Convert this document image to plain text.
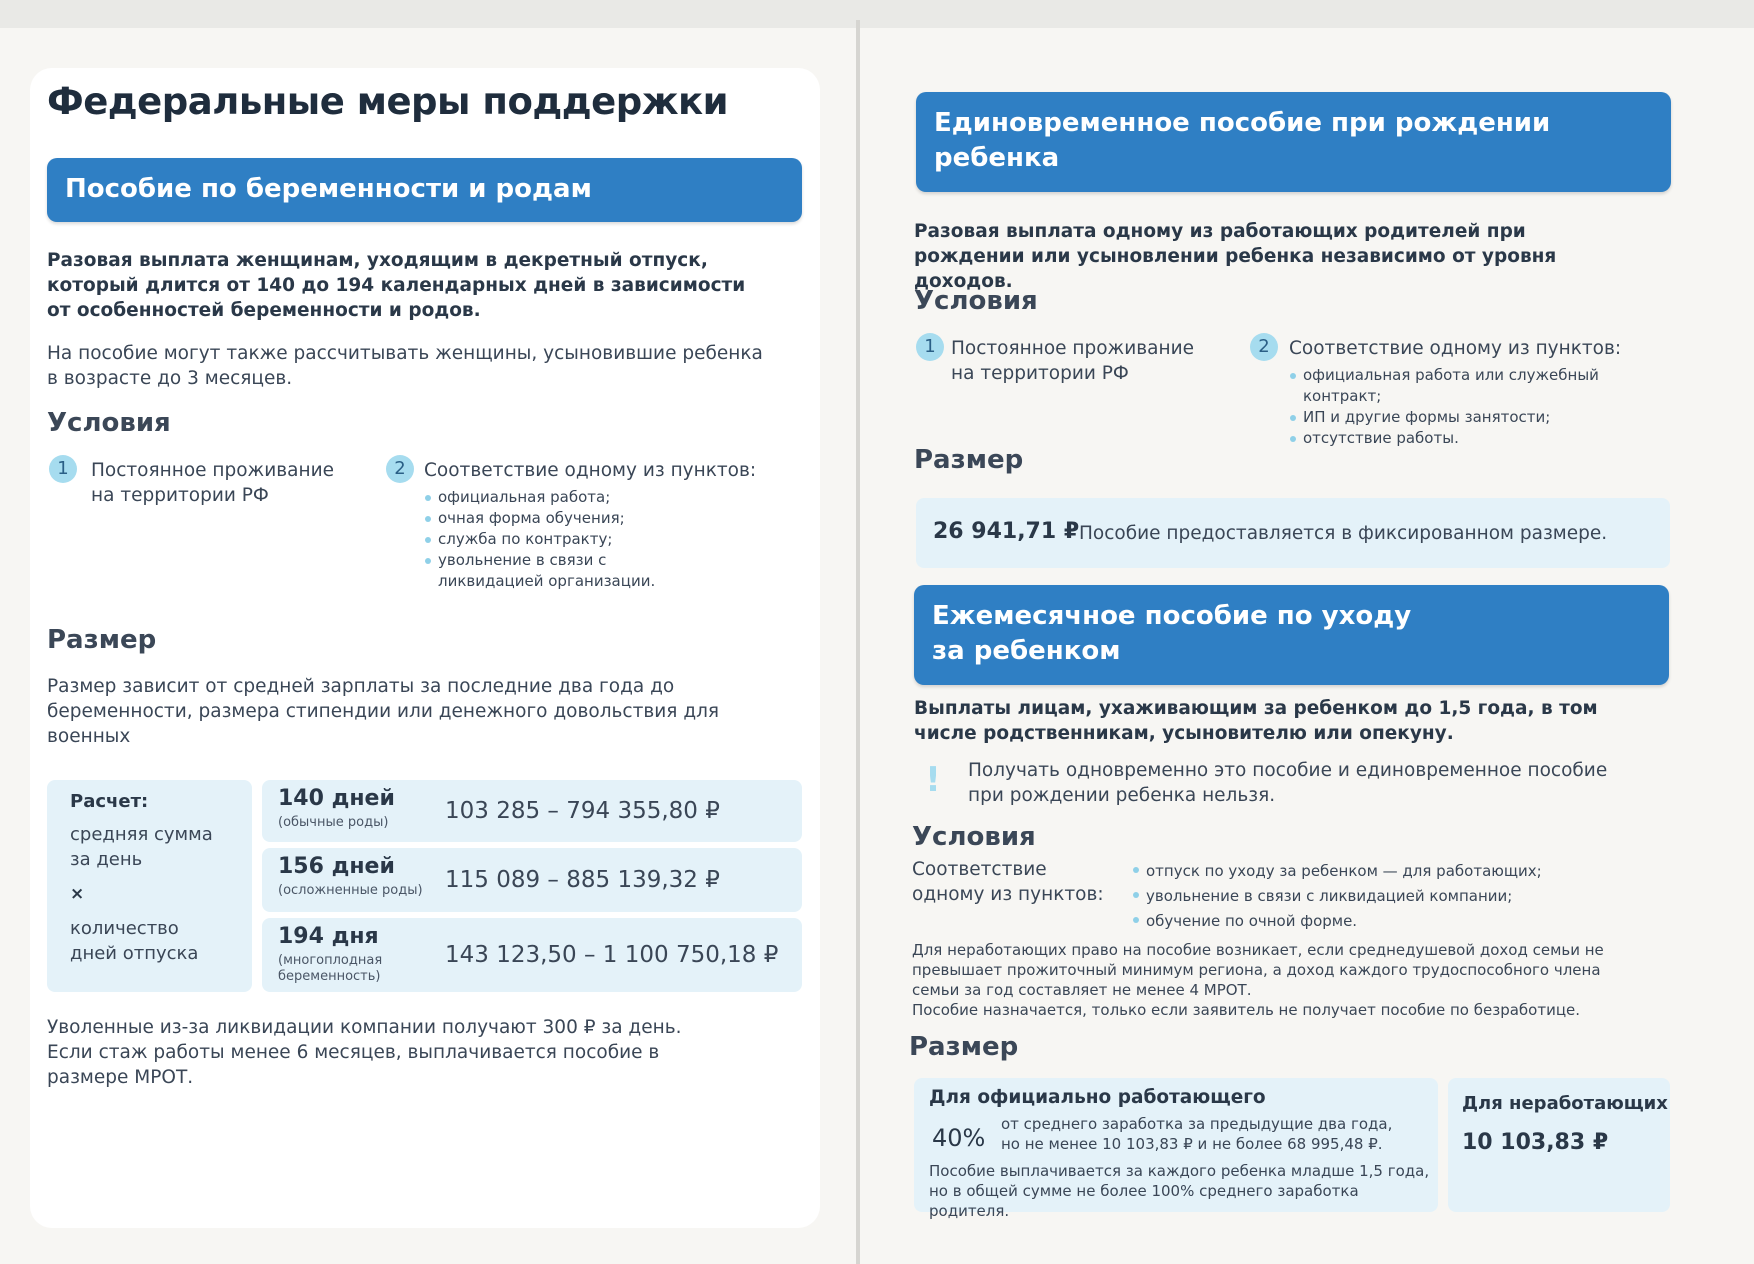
Федеральные меры поддержки
Пособие по беременности и родам
Разовая выплата женщинам, уходящим в декретный отпуск, который длится от 140 до 194 календарных дней в зависимости от особенностей беременности и родов.
На пособие могут также рассчитывать женщины, усыновившие ребенка в возрасте до 3 месяцев.
Условия
1	Постоянное проживание на территории РФ
2 Соответствие одному из пунктов:
официальная работа;
очная форма обучения;
служба по контракту;
увольнение в связи с ликвидацией организации.
Размер
Размер зависит от средней зарплаты за последние два года до беременности, размера стипендии или денежного довольствия для военных
Расчет:
средняя сумма за день
×
количество дней отпуска
140 дней
(обычные роды) 103 285 – 794 355,80 ₽
156 дней
(осложненные роды) 115 089 – 885 139,32 ₽
194 дня
(многоплодная беременность)
143 123,50 – 1 100 750,18 ₽
Уволенные из-за ликвидации компании получают 300 ₽ за день. Если стаж работы менее 6 месяцев, выплачивается пособие в размере МРОТ.
Единовременное пособие при рождении ребенка
Разовая выплата одному из работающих родителей при рождении или усыновлении ребенка независимо от уровня доходов.
Условия
1 Постоянное проживание на территории РФ
2	Соответствие одному из пунктов:
официальная работа или служебный контракт;
ИП и другие формы занятости;
отсутствие работы.
Размер
26 941,71 ₽ Пособие предоставляется в фиксированном размере.
Ежемесячное пособие по уходу за ребенком
Выплаты лицам, ухаживающим за ребенком до 1,5 года, в том числе родственникам, усыновителю или опекуну.
! Получать одновременно это пособие и единовременное пособие при рождении ребенка нельзя.
Условия
Соответствие одному из пунктов:
отпуск по уходу за ребенком — для работающих;
увольнение в связи с ликвидацией компании;
обучение по очной форме.
Для неработающих право на пособие возникает, если среднедушевой доход семьи не превышает прожиточный минимум региона, а доход каждого трудоспособного члена семьи за год составляет не менее 4 МРОТ.
Пособие назначается, только если заявитель не получает пособие по безработице.
Размер
Для официально работающего
40% от среднего заработка за предыдущие два года, но не менее 10 103,83 ₽ и не более 68 995,48 ₽.
Пособие выплачивается за каждого ребенка младше 1,5 года, но в общей сумме не более 100% среднего заработка родителя.
Для неработающих
10 103,83 ₽
